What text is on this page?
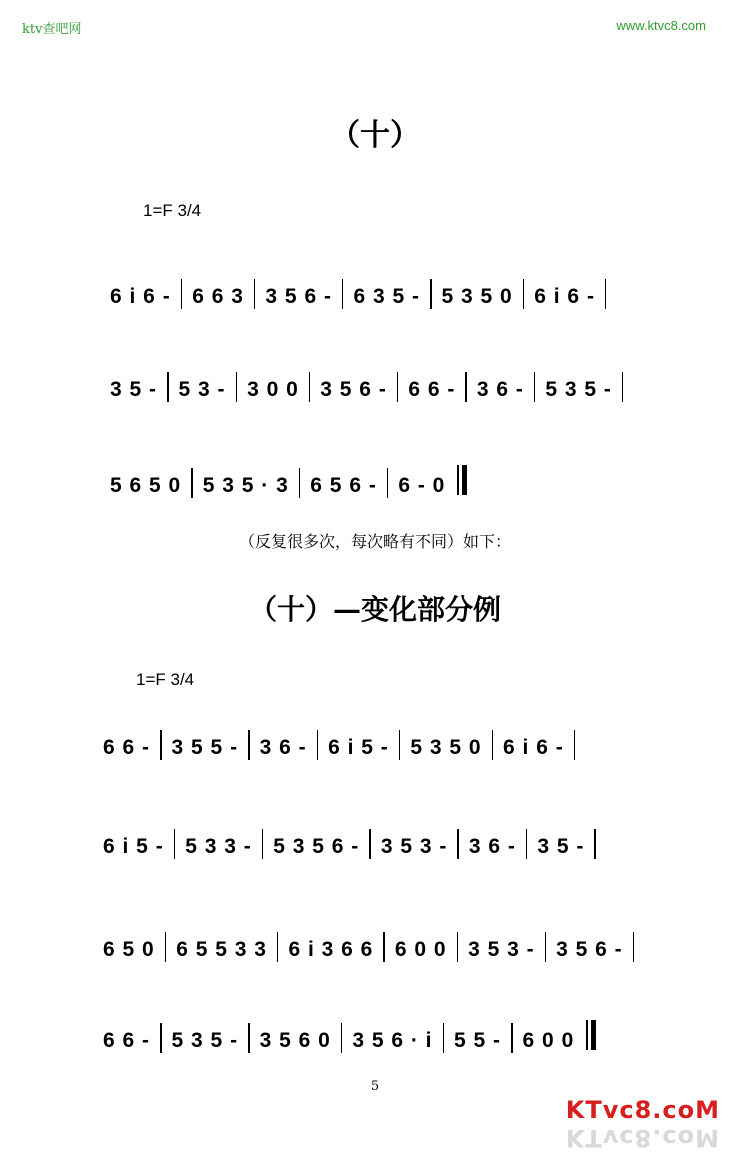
ktv查吧网	www.ktvc8.com
（十）
1=F 3/4
6 i 6 - 6 6 3 3 5 6 - 6 3 5 - 5 3 5 0 6 i 6 -
3 5 - 5 3 - 3 0 0 3 5 6 - 6 6 - 3 6 - 5 3 5 -
5 6 5 0 5 3 5 · 3 6 5 6 - 6 - 0
（反复很多次，每次略有不同）如下：
（十）—变化部分例
1=F 3/4
6 6 - 3 5 5 - 3 6 - 6 i 5 - 5 3 5 0 6 i 6 -
6 i 5 - 5 3 3 - 5 3 5 6 - 3 5 3 - 3 6 - 3 5 -
6 5 0 6 5 5 3 3 6 i 3 6 6 6 0 0 3 5 3 - 3 5 6 -
6 6 - 5 3 5 - 3 5 6 0 3 5 6 · i 5 5 - 6 0 0
5
KTvc8.coM
KTvc8.coM
